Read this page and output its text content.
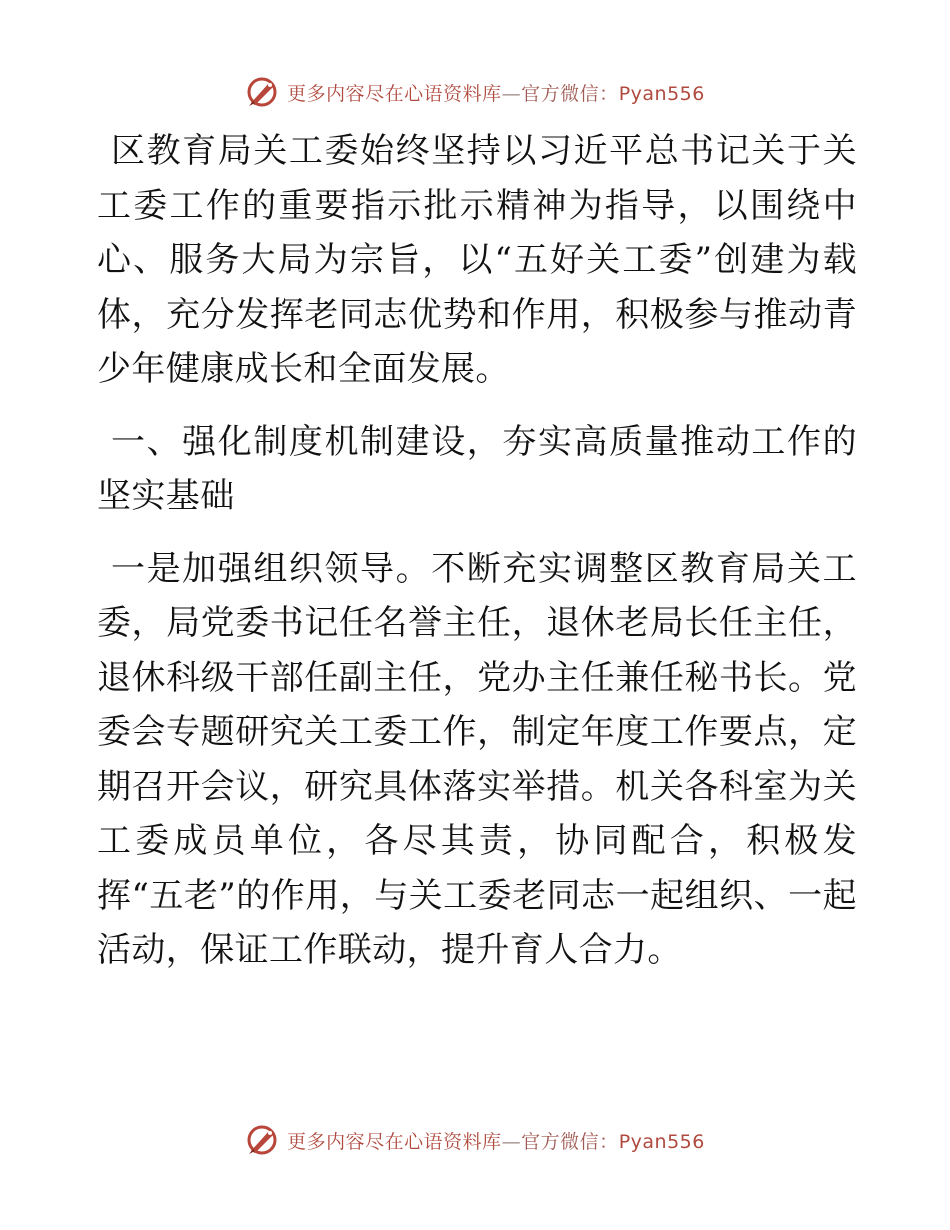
更多内容尽在心语资料库—官方微信：Pyan556

区教育局关工委始终坚持以习近平总书记关于关工委工作的重要指示批示精神为指导，以围绕中心、服务大局为宗旨，以“五好关工委”创建为载体，充分发挥老同志优势和作用，积极参与推动青少年健康成长和全面发展。

一、强化制度机制建设，夯实高质量推动工作的坚实基础

一是加强组织领导。不断充实调整区教育局关工委，局党委书记任名誉主任，退休老局长任主任，退休科级干部任副主任，党办主任兼任秘书长。党委会专题研究关工委工作，制定年度工作要点，定期召开会议，研究具体落实举措。机关各科室为关工委成员单位，各尽其责，协同配合，积极发挥“五老”的作用，与关工委老同志一起组织、一起活动，保证工作联动，提升育人合力。

更多内容尽在心语资料库—官方微信：Pyan556
